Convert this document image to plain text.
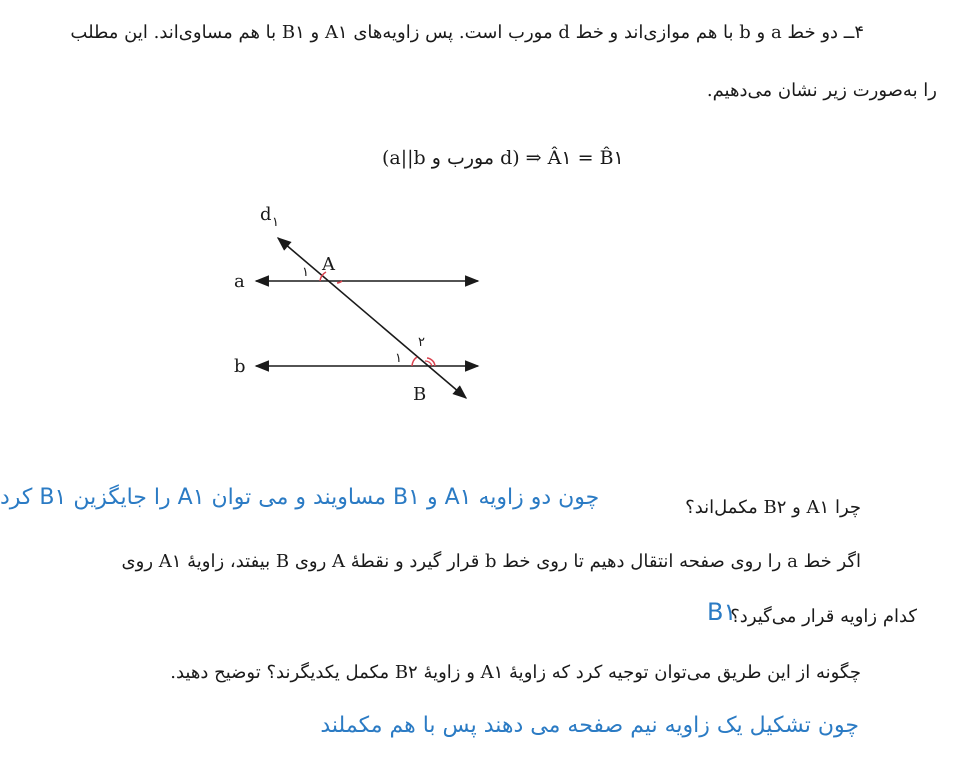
۴ــ دو خط a و b با هم موازی‌اند و خط d مورب است. پس زاویه‌های A۱ و B۱ با هم مساوی‌اند. این مطلب
را به‌صورت زیر نشان می‌دهیم.
(a||b مورب و d) ⇒ Â۱ = B̂۱
d ۱
a
b
A
B
۱
۱
۲
چرا A۱ و B۲ مکمل‌اند؟
چون دو زاویه A۱ و B۱ مساویند و می توان A۱ را جایگزین B۱ کرد
اگر خط a را روی صفحه انتقال دهیم تا روی خط b قرار گیرد و نقطهٔ A روی B بیفتد، زاویهٔ A۱ روی
کدام زاویه قرار می‌گیرد؟
B۱
چگونه از این طریق می‌توان توجیه کرد که زاویهٔ A۱ و زاویهٔ B۲ مکمل یکدیگرند؟ توضیح دهید.
چون تشکیل یک زاویه نیم صفحه می دهند پس با هم مکملند
